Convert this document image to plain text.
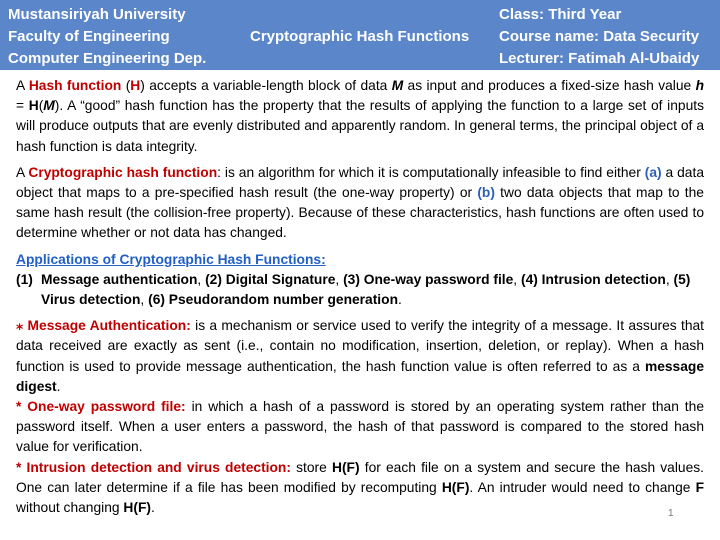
Mustansiriyah University
Faculty of Engineering
Computer Engineering Dep.
Cryptographic Hash Functions
Class: Third Year
Course name: Data Security
Lecturer: Fatimah Al-Ubaidy

A Hash function (H) accepts a variable-length block of data M as input and produces a fixed-size hash value h = H(M). A “good” hash function has the property that the results of applying the function to a large set of inputs will produce outputs that are evenly distributed and apparently random. In general terms, the principal object of a hash function is data integrity.

A Cryptographic hash function: is an algorithm for which it is computationally infeasible to find either (a) a data object that maps to a pre-specified hash result (the one-way property) or (b) two data objects that map to the same hash result (the collision-free property). Because of these characteristics, hash functions are often used to determine whether or not data has changed.

Applications of Cryptographic Hash Functions:

(1) Message authentication, (2) Digital Signature, (3) One-way password file, (4) Intrusion detection, (5) Virus detection, (6) Pseudorandom number generation.

⁎ Message Authentication: is a mechanism or service used to verify the integrity of a message. It assures that data received are exactly as sent (i.e., contain no modification, insertion, deletion, or replay). When a hash function is used to provide message authentication, the hash function value is often referred to as a message digest.

* One-way password file: in which a hash of a password is stored by an operating system rather than the password itself. When a user enters a password, the hash of that password is compared to the stored hash value for verification.

* Intrusion detection and virus detection: store H(F) for each file on a system and secure the hash values. One can later determine if a file has been modified by recomputing H(F). An intruder would need to change F without changing H(F).	1
